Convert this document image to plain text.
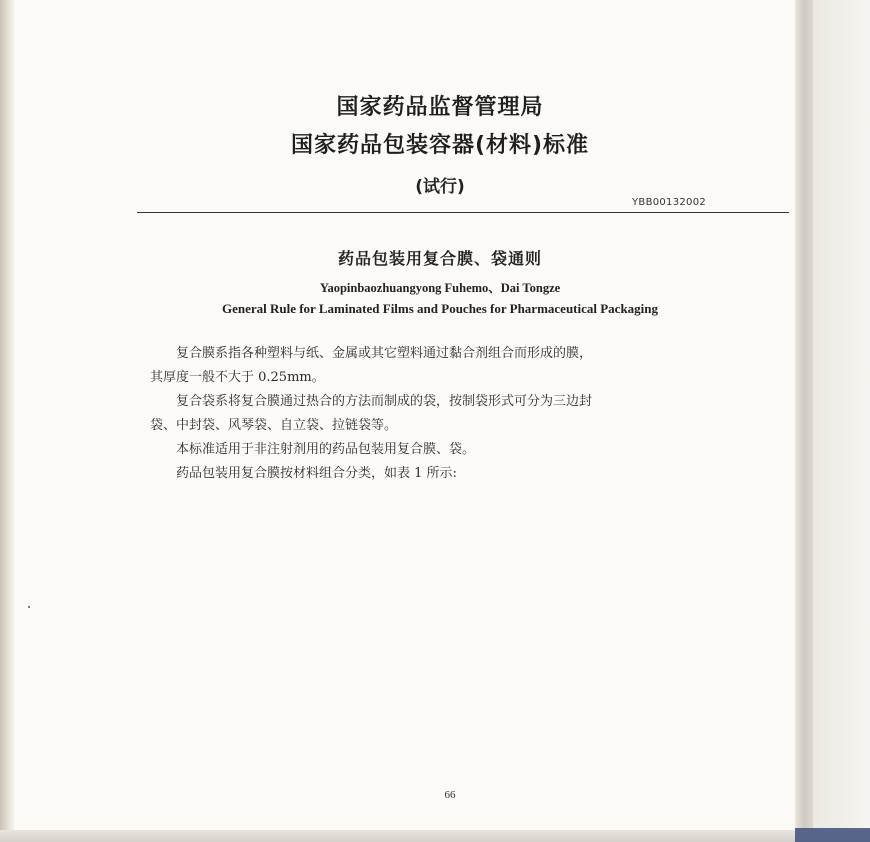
国家药品监督管理局
国家药品包装容器(材料)标准
(试行)
YBB00132002
药品包装用复合膜、袋通则
Yaopinbaozhuangyong Fuhemo、Dai Tongze
General Rule for Laminated Films and Pouches for Pharmaceutical Packaging
复合膜系指各种塑料与纸、金属或其它塑料通过黏合剂组合而形成的膜，
其厚度一般不大于 0.25mm。
复合袋系将复合膜通过热合的方法而制成的袋，按制袋形式可分为三边封
袋、中封袋、风琴袋、自立袋、拉链袋等。
本标准适用于非注射剂用的药品包装用复合膜、袋。
药品包装用复合膜按材料组合分类，如表 1 所示:
66
